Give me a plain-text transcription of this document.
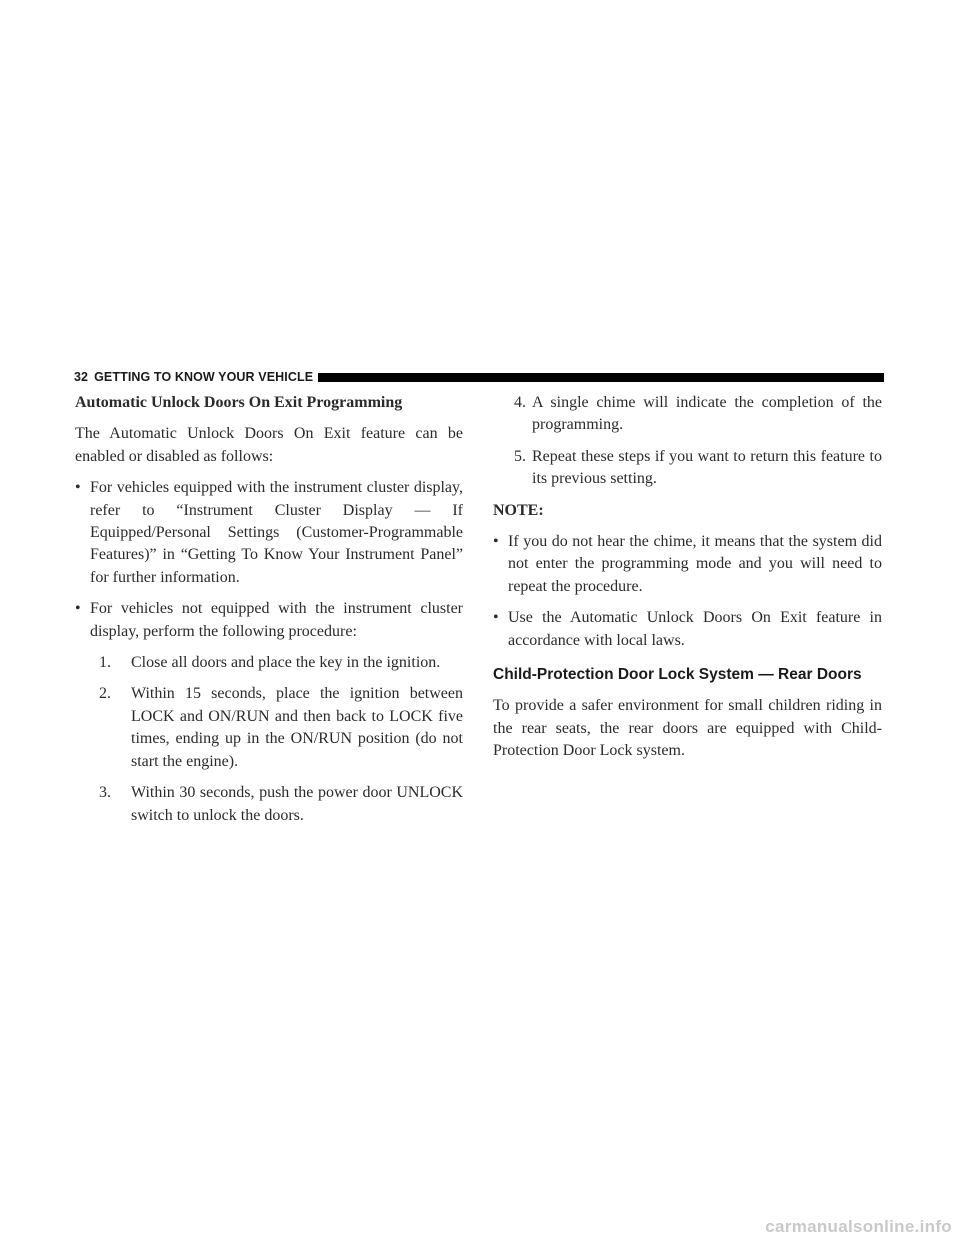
32 GETTING TO KNOW YOUR VEHICLE

Automatic Unlock Doors On Exit Programming

The Automatic Unlock Doors On Exit feature can be enabled or disabled as follows:

• For vehicles equipped with the instrument cluster display, refer to “Instrument Cluster Display — If Equipped/Personal Settings (Customer-Programmable Features)” in “Getting To Know Your Instrument Panel” for further information.
• For vehicles not equipped with the instrument cluster display, perform the following procedure:
1. Close all doors and place the key in the ignition.
2. Within 15 seconds, place the ignition between LOCK and ON/RUN and then back to LOCK five times, ending up in the ON/RUN position (do not start the engine).
3. Within 30 seconds, push the power door UNLOCK switch to unlock the doors.
4. A single chime will indicate the completion of the programming.
5. Repeat these steps if you want to return this feature to its previous setting.

NOTE:

• If you do not hear the chime, it means that the system did not enter the programming mode and you will need to repeat the procedure.
• Use the Automatic Unlock Doors On Exit feature in accordance with local laws.

Child-Protection Door Lock System — Rear Doors

To provide a safer environment for small children riding in the rear seats, the rear doors are equipped with Child-Protection Door Lock system.

carmanualsonline.info
